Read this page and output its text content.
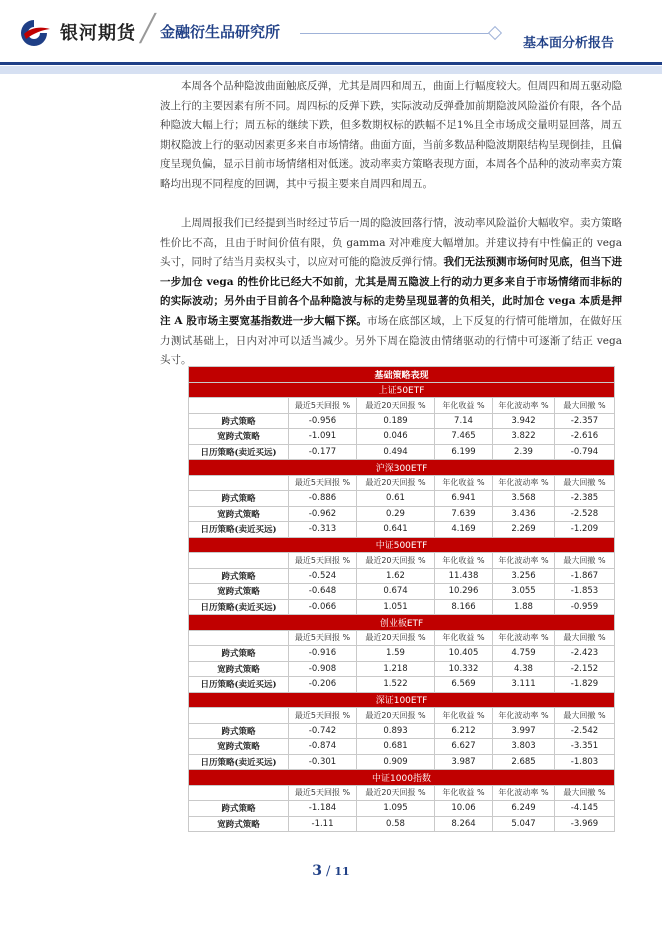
银河期货 ╱ 金融衍生品研究所
基本面分析报告
本周各个品种隐波曲面触底反弹，尤其是周四和周五，曲面上行幅度较大。但周四和周五驱动隐波上行的主要因素有所不同。周四标的反弹下跌，实际波动反弹叠加前期隐波风险溢价有限，各个品种隐波大幅上行；周五标的继续下跌，但多数期权标的跌幅不足1%且全市场成交量明显回落，周五期权隐波上行的驱动因素更多来自市场情绪。曲面方面，当前多数品种隐波期限结构呈现倒挂，且偏度呈现负偏，显示目前市场情绪相对低迷。波动率卖方策略表现方面，本周各个品种的波动率卖方策略均出现不同程度的回调，其中亏损主要来自周四和周五。
上周周报我们已经提到当时经过节后一周的隐波回落行情，波动率风险溢价大幅收窄。卖方策略性价比不高，且由于时间价值有限，负 gamma 对冲难度大幅增加。并建议持有中性偏正的 vega 头寸，同时了结当月卖权头寸，以应对可能的隐波反弹行情。我们无法预测市场何时见底，但当下进一步加仓 vega 的性价比已经大不如前，尤其是周五隐波上行的动力更多来自于市场情绪而非标的的实际波动；另外由于目前各个品种隐波与标的走势呈现显著的负相关，此时加仓 vega 本质是押注 A 股市场主要宽基指数进一步大幅下探。市场在底部区域，上下反复的行情可能增加，在做好压力测试基础上，日内对冲可以适当减少。另外下周在隐波由情绪驱动的行情中可逐渐了结正 vega 头寸。
基础策略表现					
上证50ETF					
	最近5天回报 %	最近20天回报 %	年化收益 %	年化波动率 %	最大回撤 %
跨式策略	-0.956	0.189	7.14	3.942	-2.357
宽跨式策略	-1.091	0.046	7.465	3.822	-2.616
日历策略(卖近买远)	-0.177	0.494	6.199	2.39	-0.794
沪深300ETF					
	最近5天回报 %	最近20天回报 %	年化收益 %	年化波动率 %	最大回撤 %
跨式策略	-0.886	0.61	6.941	3.568	-2.385
宽跨式策略	-0.962	0.29	7.639	3.436	-2.528
日历策略(卖近买远)	-0.313	0.641	4.169	2.269	-1.209
中证500ETF					
	最近5天回报 %	最近20天回报 %	年化收益 %	年化波动率 %	最大回撤 %
跨式策略	-0.524	1.62	11.438	3.256	-1.867
宽跨式策略	-0.648	0.674	10.296	3.055	-1.853
日历策略(卖近买远)	-0.066	1.051	8.166	1.88	-0.959
创业板ETF					
	最近5天回报 %	最近20天回报 %	年化收益 %	年化波动率 %	最大回撤 %
跨式策略	-0.916	1.59	10.405	4.759	-2.423
宽跨式策略	-0.908	1.218	10.332	4.38	-2.152
日历策略(卖近买远)	-0.206	1.522	6.569	3.111	-1.829
深证100ETF					
	最近5天回报 %	最近20天回报 %	年化收益 %	年化波动率 %	最大回撤 %
跨式策略	-0.742	0.893	6.212	3.997	-2.542
宽跨式策略	-0.874	0.681	6.627	3.803	-3.351
日历策略(卖近买远)	-0.301	0.909	3.987	2.685	-1.803
中证1000指数					
	最近5天回报 %	最近20天回报 %	年化收益 %	年化波动率 %	最大回撤 %
跨式策略	-1.184	1.095	10.06	6.249	-4.145
宽跨式策略	-1.11	0.58	8.264	5.047	-3.969
3 / 11
